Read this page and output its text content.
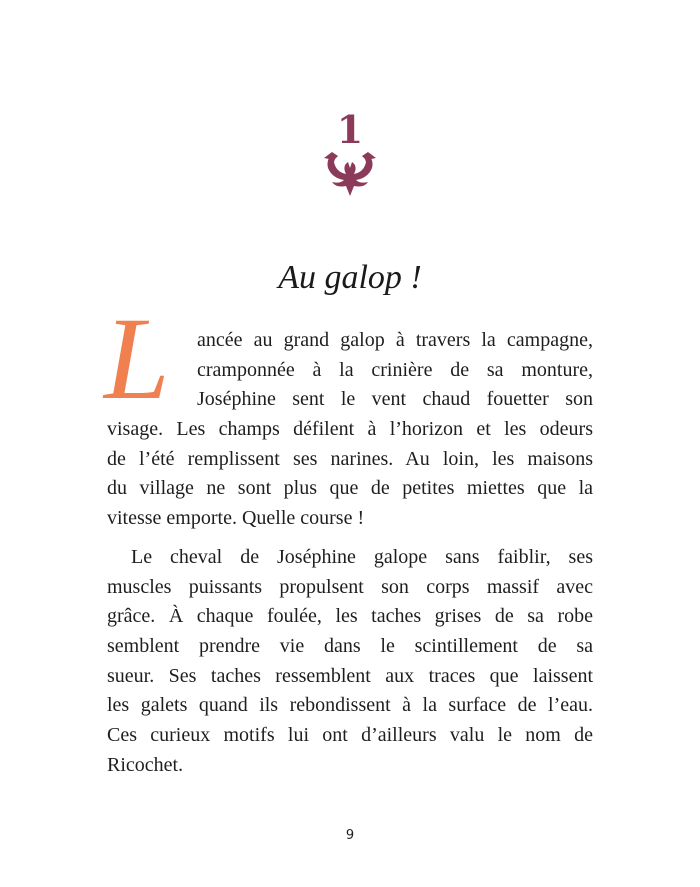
1
Au galop !
L	ancée au grand galop à travers la campagne,
cramponnée à la crinière de sa monture,
Joséphine sent le vent chaud fouetter son
visage. Les champs défilent à l’horizon et les odeurs
de l’été remplissent ses narines. Au loin, les maisons
du village ne sont plus que de petites miettes que la
vitesse emporte. Quelle course !
Le cheval de Joséphine galope sans faiblir, ses
muscles puissants propulsent son corps massif avec
grâce. À chaque foulée, les taches grises de sa robe
semblent prendre vie dans le scintillement de sa
sueur. Ses taches ressemblent aux traces que laissent
les galets quand ils rebondissent à la surface de l’eau.
Ces curieux motifs lui ont d’ailleurs valu le nom de
Ricochet.
9
